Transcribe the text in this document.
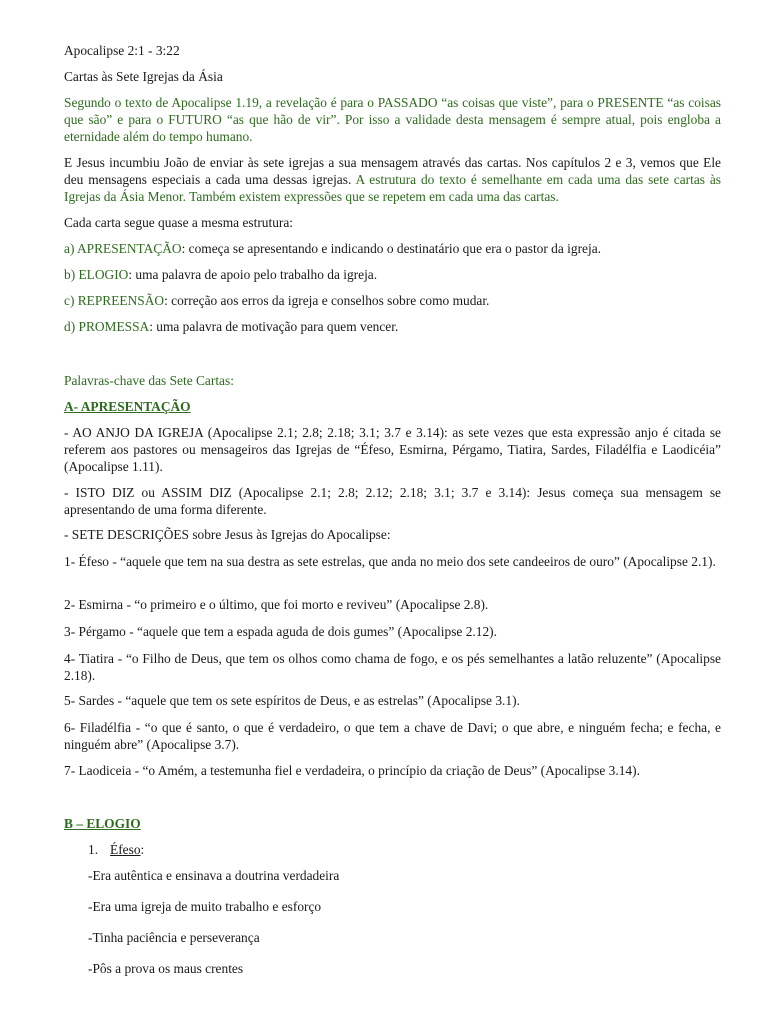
Apocalipse 2:1 - 3:22

Cartas às Sete Igrejas da Ásia

Segundo o texto de Apocalipse 1.19, a revelação é para o PASSADO “as coisas que viste”, para o PRESENTE “as coisas que são” e para o FUTURO “as que hão de vir”. Por isso a validade desta mensagem é sempre atual, pois engloba a eternidade além do tempo humano.

E Jesus incumbiu João de enviar às sete igrejas a sua mensagem através das cartas. Nos capítulos 2 e 3, vemos que Ele deu mensagens especiais a cada uma dessas igrejas. A estrutura do texto é semelhante em cada uma das sete cartas às Igrejas da Ásia Menor. Também existem expressões que se repetem em cada uma das cartas.

Cada carta segue quase a mesma estrutura:

a) APRESENTAÇÃO: começa se apresentando e indicando o destinatário que era o pastor da igreja.

b) ELOGIO: uma palavra de apoio pelo trabalho da igreja.

c) REPREENSÃO: correção aos erros da igreja e conselhos sobre como mudar.

d) PROMESSA: uma palavra de motivação para quem vencer.

Palavras-chave das Sete Cartas:

A- APRESENTAÇÃO

- AO ANJO DA IGREJA (Apocalipse 2.1; 2.8; 2.18; 3.1; 3.7 e 3.14): as sete vezes que esta expressão anjo é citada se referem aos pastores ou mensageiros das Igrejas de “Éfeso, Esmirna, Pérgamo, Tiatira, Sardes, Filadélfia e Laodicéia” (Apocalipse 1.11).

- ISTO DIZ ou ASSIM DIZ (Apocalipse 2.1; 2.8; 2.12; 2.18; 3.1; 3.7 e 3.14): Jesus começa sua mensagem se apresentando de uma forma diferente.

- SETE DESCRIÇÕES sobre Jesus às Igrejas do Apocalipse:

1- Éfeso - “aquele que tem na sua destra as sete estrelas, que anda no meio dos sete candeeiros de ouro” (Apocalipse 2.1).

2- Esmirna - “o primeiro e o último, que foi morto e reviveu” (Apocalipse 2.8).

3- Pérgamo - “aquele que tem a espada aguda de dois gumes” (Apocalipse 2.12).

4- Tiatira - “o Filho de Deus, que tem os olhos como chama de fogo, e os pés semelhantes a latão reluzente” (Apocalipse 2.18).

5- Sardes - “aquele que tem os sete espíritos de Deus, e as estrelas” (Apocalipse 3.1).

6- Filadélfia - “o que é santo, o que é verdadeiro, o que tem a chave de Davi; o que abre, e ninguém fecha; e fecha, e ninguém abre” (Apocalipse 3.7).

7- Laodiceia - “o Amém, a testemunha fiel e verdadeira, o princípio da criação de Deus” (Apocalipse 3.14).

B – ELOGIO

1. Éfeso:

-Era autêntica e ensinava a doutrina verdadeira

-Era uma igreja de muito trabalho e esforço

-Tinha paciência e perseverança

-Pôs a prova os maus crentes
